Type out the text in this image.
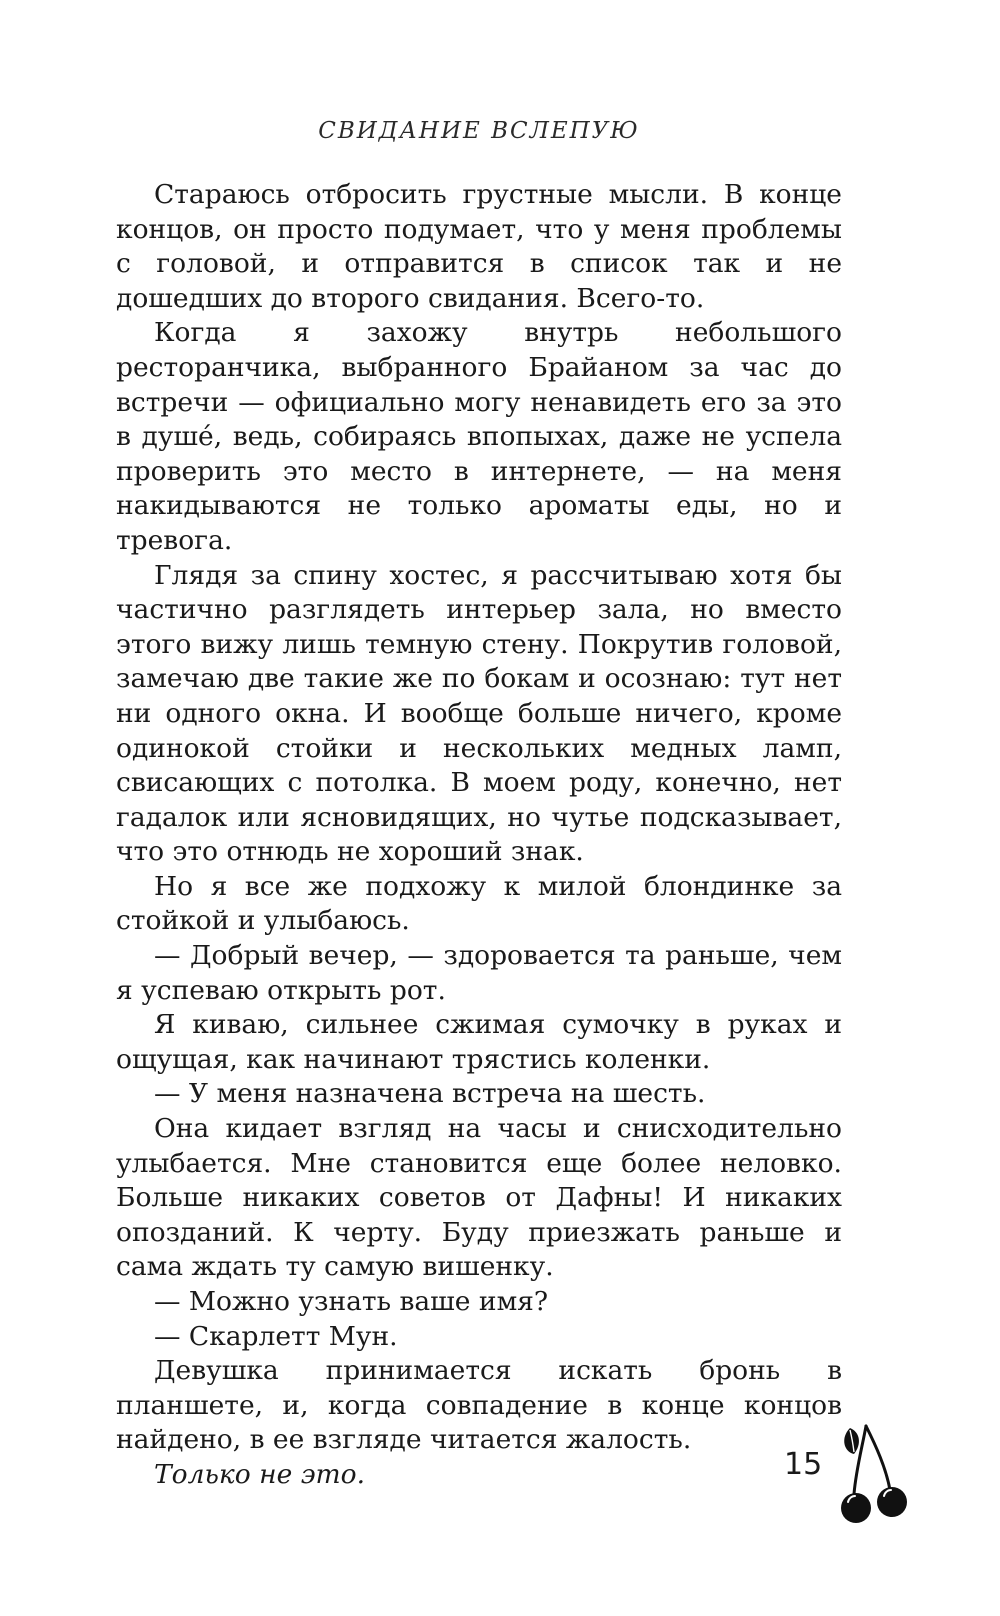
СВИДАНИЕ ВСЛЕПУЮ

Стараюсь отбросить грустные мысли. В конце концов, он просто подумает, что у меня проблемы с головой, и отправится в список так и не дошедших до второго свидания. Всего-то.

Когда я захожу внутрь небольшого ресторанчика, выбранного Брайаном за час до встречи — официально могу ненавидеть его за это в душé, ведь, собираясь впопыхах, даже не успела проверить это место в интернете, — на меня накидываются не только ароматы еды, но и тревога.

Глядя за спину хостес, я рассчитываю хотя бы частично разглядеть интерьер зала, но вместо этого вижу лишь темную стену. Покрутив головой, замечаю две такие же по бокам и осознаю: тут нет ни одного окна. И вообще больше ничего, кроме одинокой стойки и нескольких медных ламп, свисающих с потолка. В моем роду, конечно, нет гадалок или ясновидящих, но чутье подсказывает, что это отнюдь не хороший знак.

Но я все же подхожу к милой блондинке за стойкой и улыбаюсь.

— Добрый вечер, — здоровается та раньше, чем я успеваю открыть рот.

Я киваю, сильнее сжимая сумочку в руках и ощущая, как начинают трястись коленки.

— У меня назначена встреча на шесть.

Она кидает взгляд на часы и снисходительно улыбается. Мне становится еще более неловко. Больше никаких советов от Дафны! И никаких опозданий. К черту. Буду приезжать раньше и сама ждать ту самую вишенку.

— Можно узнать ваше имя?

— Скарлетт Мун.

Девушка принимается искать бронь в планшете, и, когда совпадение в конце концов найдено, в ее взгляде читается жалость.

Только не это.	15
